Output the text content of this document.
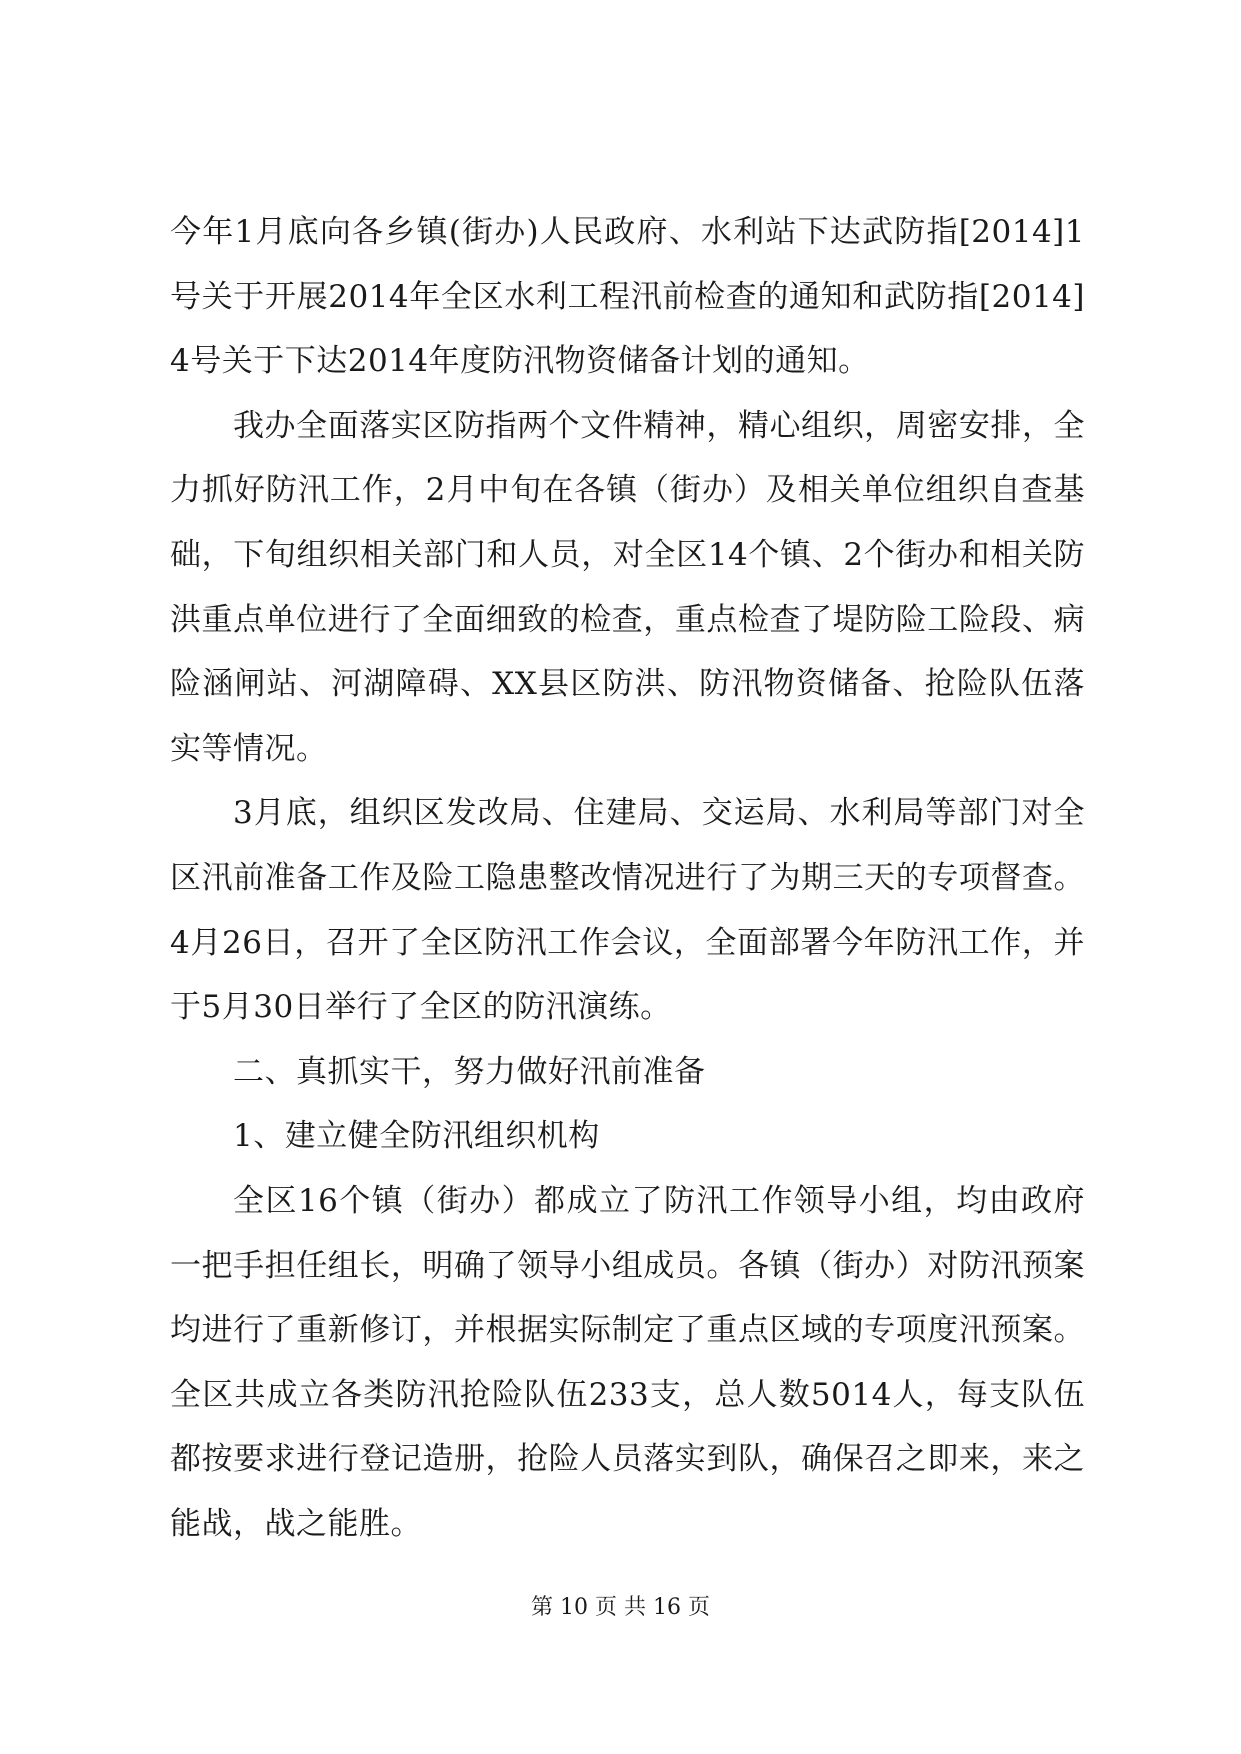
今年1月底向各乡镇(街办)人民政府、水利站下达武防指[2014]1号关于开展2014年全区水利工程汛前检查的通知和武防指[2014]4号关于下达2014年度防汛物资储备计划的通知。

我办全面落实区防指两个文件精神，精心组织，周密安排，全力抓好防汛工作，2月中旬在各镇（街办）及相关单位组织自查基础，下旬组织相关部门和人员，对全区14个镇、2个街办和相关防洪重点单位进行了全面细致的检查，重点检查了堤防险工险段、病险涵闸站、河湖障碍、XX县区防洪、防汛物资储备、抢险队伍落实等情况。

3月底，组织区发改局、住建局、交运局、水利局等部门对全区汛前准备工作及险工隐患整改情况进行了为期三天的专项督查。4月26日，召开了全区防汛工作会议，全面部署今年防汛工作，并于5月30日举行了全区的防汛演练。

二、真抓实干，努力做好汛前准备

1、建立健全防汛组织机构

全区16个镇（街办）都成立了防汛工作领导小组，均由政府一把手担任组长，明确了领导小组成员。各镇（街办）对防汛预案均进行了重新修订，并根据实际制定了重点区域的专项度汛预案。全区共成立各类防汛抢险队伍233支，总人数5014人，每支队伍都按要求进行登记造册，抢险人员落实到队，确保召之即来，来之能战，战之能胜。

第 10 页 共 16 页
